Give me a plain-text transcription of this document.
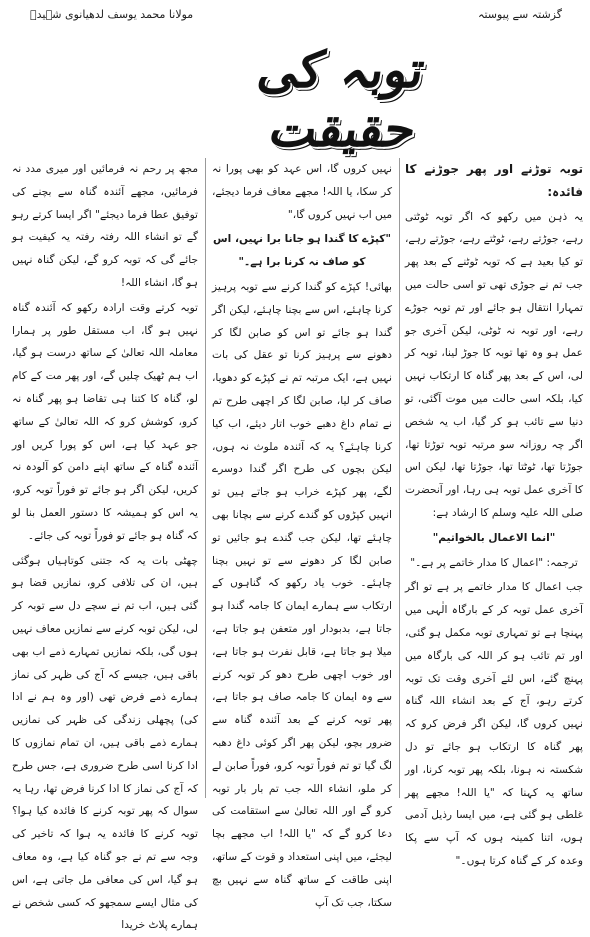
گزشتہ سے پیوستہ
مولانا محمد یوسف لدھیانوی شہیدؒ
توبہ کی حقیقت

توبہ توڑنے اور پھر جوڑنے کا فائدہ:

یہ ذہن میں رکھو کہ اگر توبہ ٹوٹتی رہے، جوڑتے رہے، ٹوٹتے رہے، جوڑتے رہے، تو کیا بعید ہے کہ توبہ ٹوٹنے کے بعد پھر جب تم نے جوڑی تھی تو اسی حالت میں تمہارا انتقال ہو جائے اور تم توبہ جوڑے رہے، اور توبہ نہ ٹوٹی، لیکن آخری جو عمل ہو وہ تھا توبہ کا جوڑ لینا، توبہ کر لی، اس کے بعد پھر گناہ کا ارتکاب نہیں کیا، بلکہ اسی حالت میں موت آگئی، تو دنیا سے تائب ہو کر گیا، اب یہ شخص اگر چہ روزانہ سو مرتبہ توبہ توڑتا تھا، جوڑتا تھا، ٹوٹتا تھا، جوڑتا تھا، لیکن اس کا آخری عمل توبہ ہی رہا، اور آنحضرت صلی اللہ علیہ وسلم کا ارشاد ہے:

"انما الاعمال بالخواتیم"

ترجمہ: "اعمال کا مدار خاتمے پر ہے۔"

جب اعمال کا مدار خاتمے پر ہے تو اگر آخری عمل توبہ کر کے بارگاہ الٰہی میں پہنچا ہے تو تمہاری توبہ مکمل ہو گئی، اور تم تائب ہو کر اللہ کی بارگاہ میں پہنچ گئے، اس لئے آخری وقت تک توبہ کرتے رہو، آج کے بعد انشاء اللہ گناہ نہیں کروں گا، لیکن اگر فرض کرو کہ پھر گناہ کا ارتکاب ہو جائے تو دل شکستہ نہ ہونا، بلکہ پھر توبہ کرنا، اور ساتھ یہ کہنا کہ "یا اللہ! مجھے پھر غلطی ہو گئی ہے، میں ایسا رذیل آدمی ہوں، اتنا کمینہ ہوں کہ آپ سے پکا وعدہ کر کے گناہ کرتا ہوں۔"

نہیں کروں گا، اس عہد کو بھی پورا نہ کر سکا، یا اللہ! مجھے معاف فرما دیجئے، میں اب نہیں کروں گا،"

"کپڑے کا گندا ہو جانا برا نہیں، اس کو صاف نہ کرنا برا ہے۔"

بھائی! کپڑے کو گندا کرنے سے توبہ پرہیز کرنا چاہئے، اس سے بچنا چاہئے، لیکن اگر گندا ہو جائے تو اس کو صابن لگا کر دھونے سے پرہیز کرنا تو عقل کی بات نہیں ہے، ایک مرتبہ تم نے کپڑے کو دھویا، صاف کر لیا، صابن لگا کر اچھی طرح تم نے تمام داغ دھبے خوب اتار دیئے، اب کیا کرنا چاہئے؟ یہ کہ آئندہ ملوث نہ ہوں، لیکن بچوں کی طرح اگر گندا دوسرے لگے، پھر کپڑے خراب ہو جاتے ہیں تو انہیں کپڑوں کو گندے کرنے سے بچانا بھی چاہئے تھا، لیکن جب گندے ہو جائیں تو صابن لگا کر دھونے سے تو نہیں بچنا چاہئے۔ خوب یاد رکھو کہ گناہوں کے ارتکاب سے ہمارے ایمان کا جامہ گندا ہو جاتا ہے، بدبودار اور متعفن ہو جاتا ہے، میلا ہو جاتا ہے، قابل نفرت ہو جاتا ہے، اور خوب اچھی طرح دھو کر توبہ کرنے سے وہ ایمان کا جامہ صاف ہو جاتا ہے، پھر توبہ کرنے کے بعد آئندہ گناہ سے ضرور بچو، لیکن پھر اگر کوئی داغ دھبہ لگ گیا تو تم فوراً توبہ کرو، فوراً صابن لے کر ملو، انشاء اللہ جب تم بار بار توبہ کرو گے اور اللہ تعالیٰ سے استقامت کی دعا کرو گے کہ "یا اللہ! اب مجھے بچا لیجئے، میں اپنی استعداد و قوت کے ساتھ، اپنی طاقت کے ساتھ گناہ سے نہیں بچ سکتا، جب تک آپ

مجھ پر رحم نہ فرمائیں اور میری مدد نہ فرمائیں، مجھے آئندہ گناہ سے بچنے کی توفیق عطا فرما دیجئے" اگر ایسا کرتے رہو گے تو انشاء اللہ رفتہ رفتہ یہ کیفیت ہو جائے گی کہ توبہ کرو گے، لیکن گناہ نہیں ہو گا، انشاء اللہ!

توبہ کرتے وقت ارادہ رکھو کہ آئندہ گناہ نہیں ہو گا، اب مستقل طور پر ہمارا معاملہ اللہ تعالیٰ کے ساتھ درست ہو گیا، اب ہم ٹھیک چلیں گے، اور پھر مت کے کام لو، گناہ کا کتنا ہی تقاضا ہو پھر گناہ نہ کرو، کوشش کرو کہ اللہ تعالیٰ کے ساتھ جو عہد کیا ہے، اس کو پورا کریں اور آئندہ گناہ کے ساتھ اپنے دامن کو آلودہ نہ کریں، لیکن اگر ہو جائے تو فوراً توبہ کرو، یہ اس کو ہمیشہ کا دستور العمل بنا لو کہ گناہ ہو جائے تو فوراً توبہ کی جائے۔

چھٹی بات یہ کہ جتنی کوتاہیاں ہوگئی ہیں، ان کی تلافی کرو، نمازیں قضا ہو گئی ہیں، اب تم نے سچے دل سے توبہ کر لی، لیکن توبہ کرنے سے نمازیں معاف نہیں ہوں گی، بلکہ نمازیں تمہارے ذمے اب بھی باقی ہیں، جیسے کہ آج کی ظہر کی نماز ہمارے ذمے فرض تھی (اور وہ ہم نے ادا کی) پچھلی زندگی کی ظہر کی نمازیں ہمارے ذمے باقی ہیں، ان تمام نمازوں کا ادا کرنا اسی طرح ضروری ہے، جس طرح کہ آج کی نماز کا ادا کرنا فرض تھا، رہا یہ سوال کہ پھر توبہ کرنے کا فائدہ کیا ہوا؟ توبہ کرنے کا فائدہ یہ ہوا کہ تاخیر کی وجہ سے تم نے جو گناہ کیا ہے، وہ معاف ہو گیا، اس کی معافی مل جاتی ہے، اس کی مثال ایسے سمجھو کہ کسی شخص نے ہمارے پلاٹ خریدا
